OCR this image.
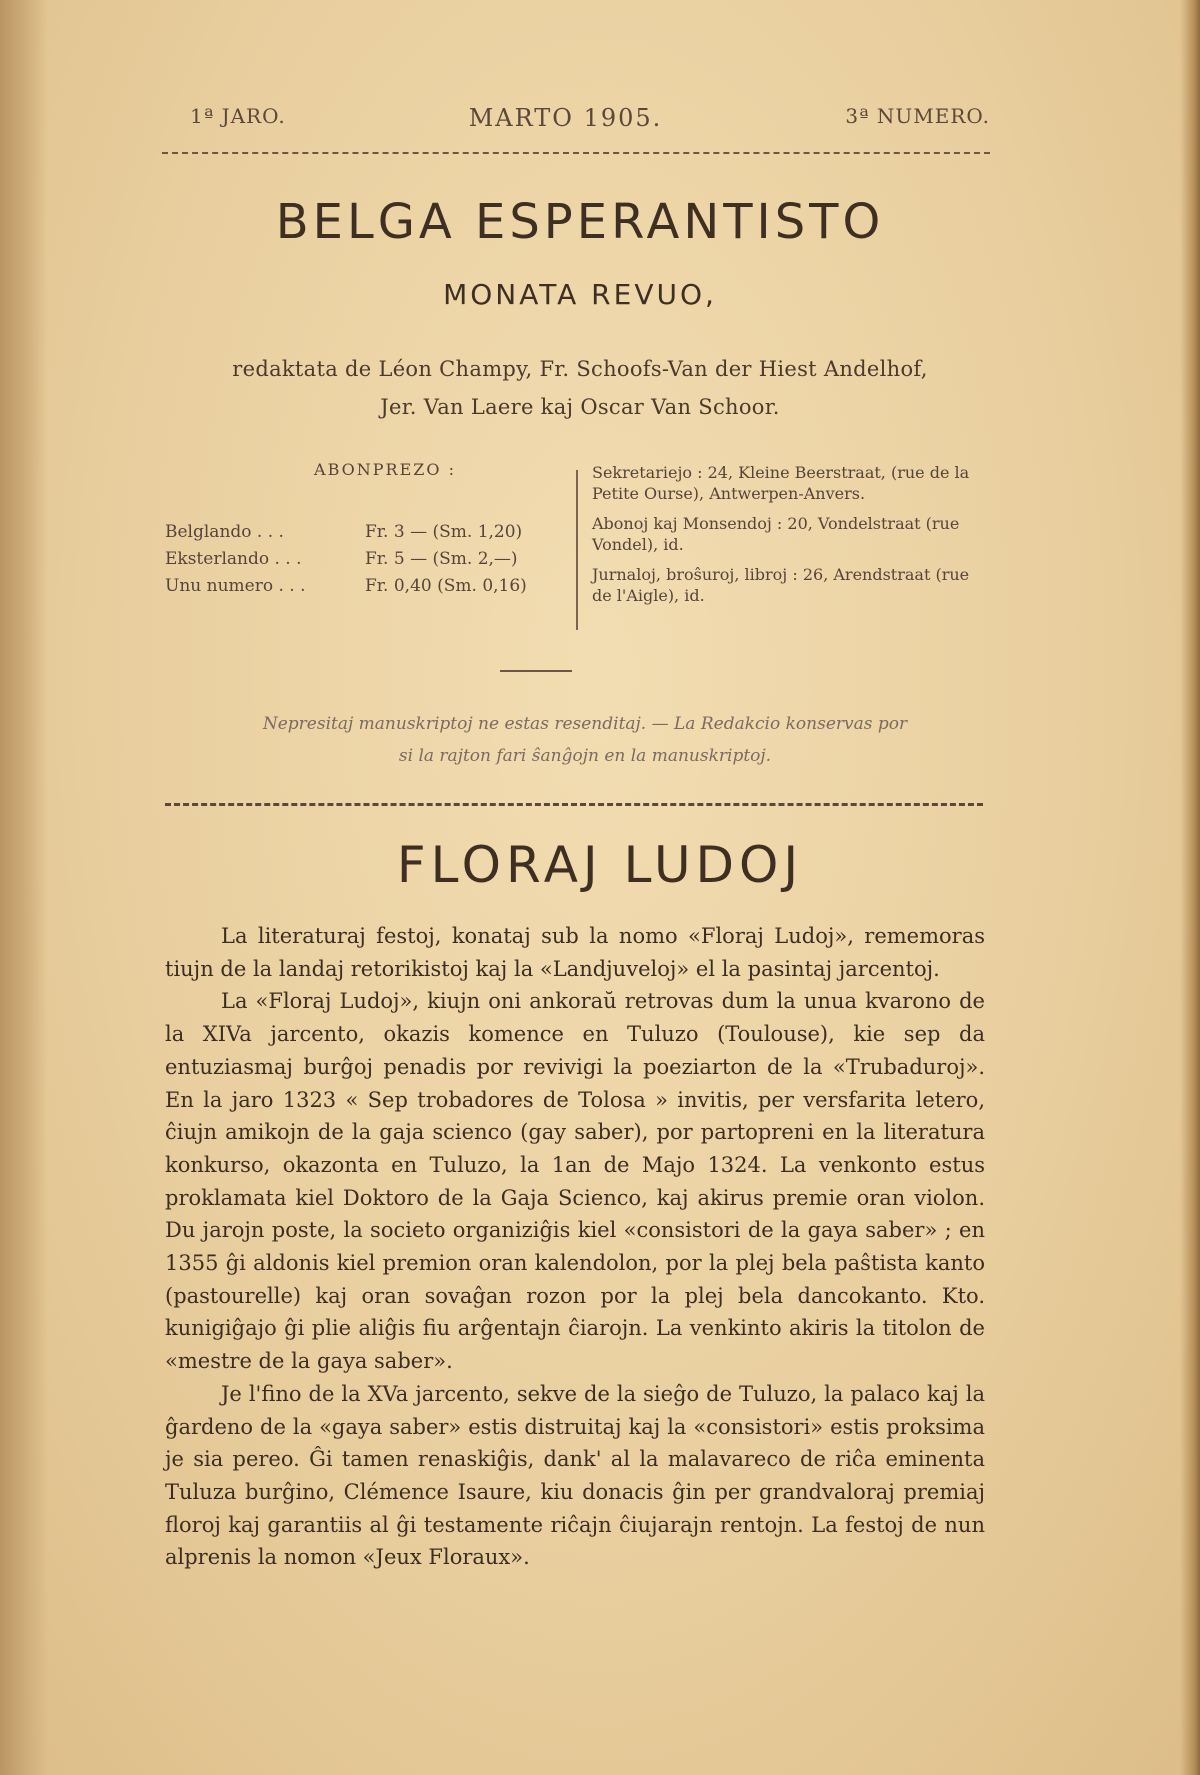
1ª JARO.	MARTO 1905.	3ª NUMERO.
BELGA ESPERANTISTO
MONATA REVUO,
redaktata de Léon Champy, Fr. Schoofs-Van der Hiest Andelhof,
Jer. Van Laere kaj Oscar Van Schoor.
ABONPREZO :
Belglando . . .	Fr. 3 — (Sm. 1,20)
Eksterlando . . .	Fr. 5 — (Sm. 2,—)
Unu numero . . .	Fr. 0,40 (Sm. 0,16)
Sekretariejo : 24, Kleine Beerstraat, (rue de la Petite Ourse), Antwerpen-Anvers.
Abonoj kaj Monsendoj : 20, Vondelstraat (rue Vondel), id.
Jurnaloj, broŝuroj, libroj : 26, Arendstraat (rue de l'Aigle), id.
Nepresitaj manuskriptoj ne estas resenditaj. — La Redakcio konservas por
si la rajton fari ŝanĝojn en la manuskriptoj.
FLORAJ LUDOJ

La literaturaj festoj, konataj sub la nomo «Floraj Ludoj», rememoras tiujn de la landaj retorikistoj kaj la «Landjuveloj» el la pasintaj jarcentoj.

La «Floraj Ludoj», kiujn oni ankoraŭ retrovas dum la unua kvarono de la XIVa jarcento, okazis komence en Tuluzo (Toulouse), kie sep da entuziasmaj burĝoj penadis por revivigi la poeziarton de la «Trubaduroj». En la jaro 1323 « Sep trobadores de Tolosa » invitis, per versfarita letero, ĉiujn amikojn de la gaja scienco (gay saber), por partopreni en la literatura konkurso, okazonta en Tuluzo, la 1an de Majo 1324. La venkonto estus proklamata kiel Doktoro de la Gaja Scienco, kaj akirus premie oran violon. Du jarojn poste, la societo organiziĝis kiel «consistori de la gaya saber» ; en 1355 ĝi aldonis kiel premion oran kalendolon, por la plej bela paŝtista kanto (pastourelle) kaj oran sovaĝan rozon por la plej bela dancokanto. Kto. kunigiĝajo ĝi plie aliĝis fiu arĝentajn ĉiarojn. La venkinto akiris la titolon de «mestre de la gaya saber».

Je l'fino de la XVa jarcento, sekve de la sieĝo de Tuluzo, la palaco kaj la ĝardeno de la «gaya saber» estis distruitaj kaj la «consistori» estis proksima je sia pereo. Ĝi tamen renaskiĝis, dank' al la malavareco de riĉa eminenta Tuluza burĝino, Clémence Isaure, kiu donacis ĝin per grandvaloraj premiaj floroj kaj garantiis al ĝi testamente riĉajn ĉiujarajn rentojn. La festoj de nun alprenis la nomon «Jeux Floraux».
